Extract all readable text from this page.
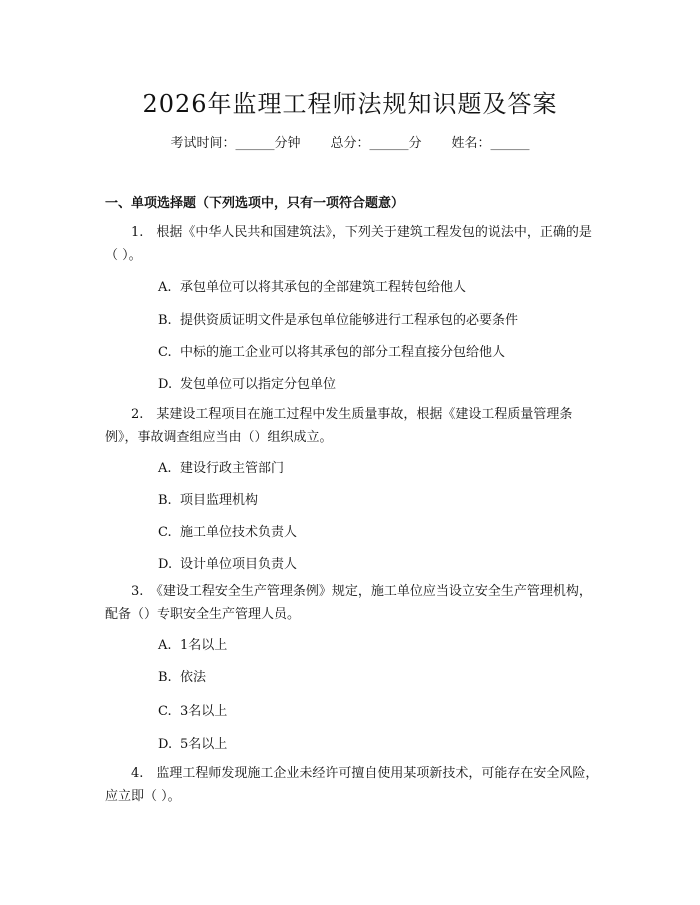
2026年监理工程师法规知识题及答案
考试时间：______分钟 总分：______分 姓名：______
一、单项选择题（下列选项中，只有一项符合题意）

1.　根据《中华人民共和国建筑法》，下列关于建筑工程发包的说法中，正确的是（ ）。

A. 承包单位可以将其承包的全部建筑工程转包给他人

B. 提供资质证明文件是承包单位能够进行工程承包的必要条件

C. 中标的施工企业可以将其承包的部分工程直接分包给他人

D. 发包单位可以指定分包单位

2.　某建设工程项目在施工过程中发生质量事故，根据《建设工程质量管理条例》，事故调查组应当由（）组织成立。

A. 建设行政主管部门

B. 项目监理机构

C. 施工单位技术负责人

D. 设计单位项目负责人

3.　《建设工程安全生产管理条例》规定，施工单位应当设立安全生产管理机构，配备（）专职安全生产管理人员。

A. 1名以上

B. 依法

C. 3名以上

D. 5名以上

4.　监理工程师发现施工企业未经许可擅自使用某项新技术，可能存在安全风险，应立即（ ）。
